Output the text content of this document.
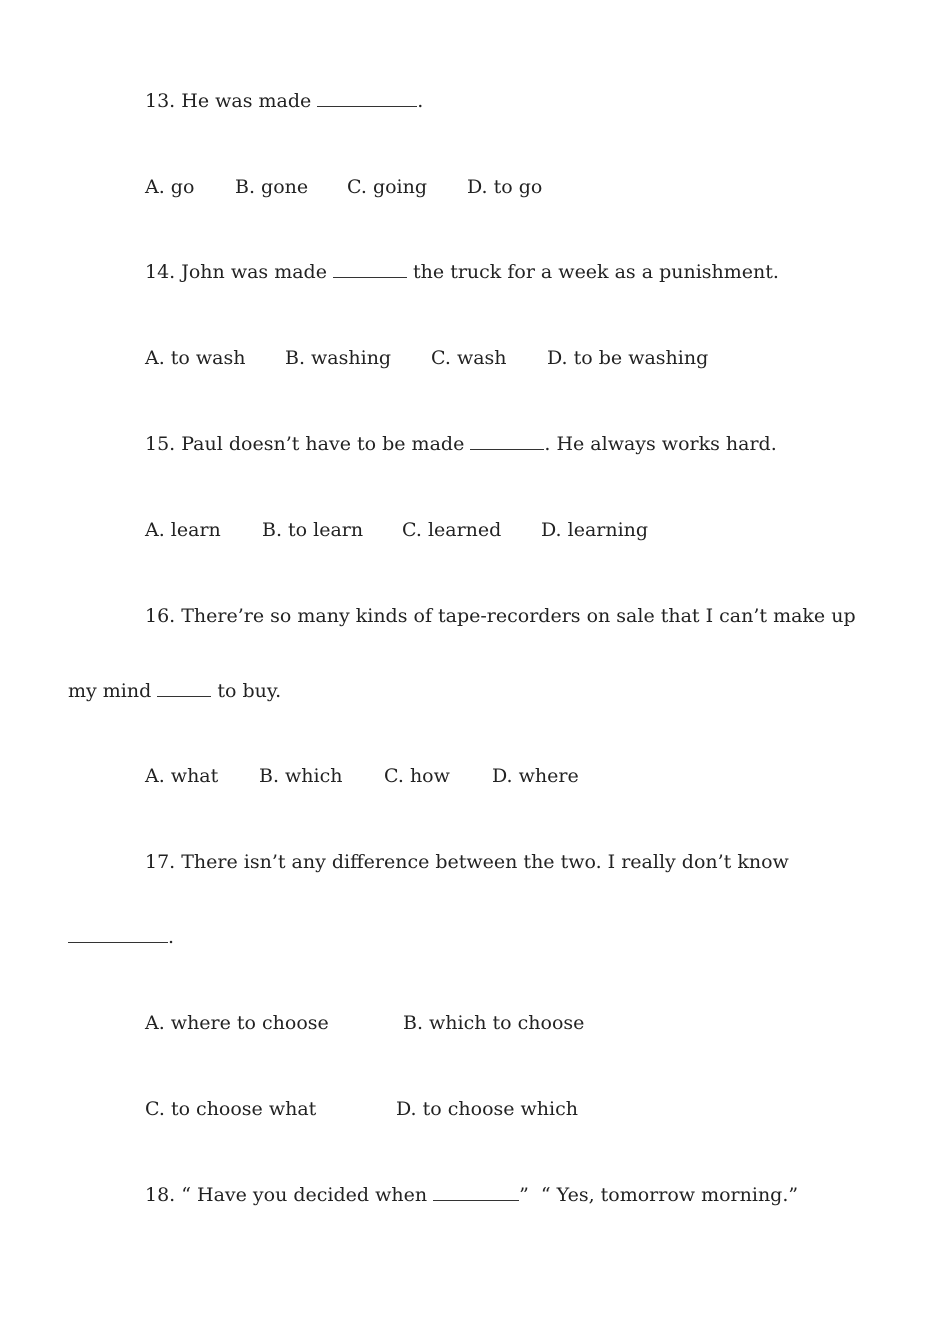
13. He was made	.
A. go B. gone C. going D. to go
14. John was made	the truck for a week as a punishment.
A. to wash B. washing C. wash D. to be washing
15. Paul doesn’t have to be made	. He always works hard.
A. learn B. to learn C. learned D. learning
16. There’re so many kinds of tape-recorders on sale that I can’t make up
my mind	to buy.
A. what B. which C. how D. where
17. There isn’t any difference between the two. I really don’t know
.
A. where to choose	B. which to choose
C. to choose what	D. to choose which
18. “ Have you decided when	”  “ Yes, tomorrow morning.”
